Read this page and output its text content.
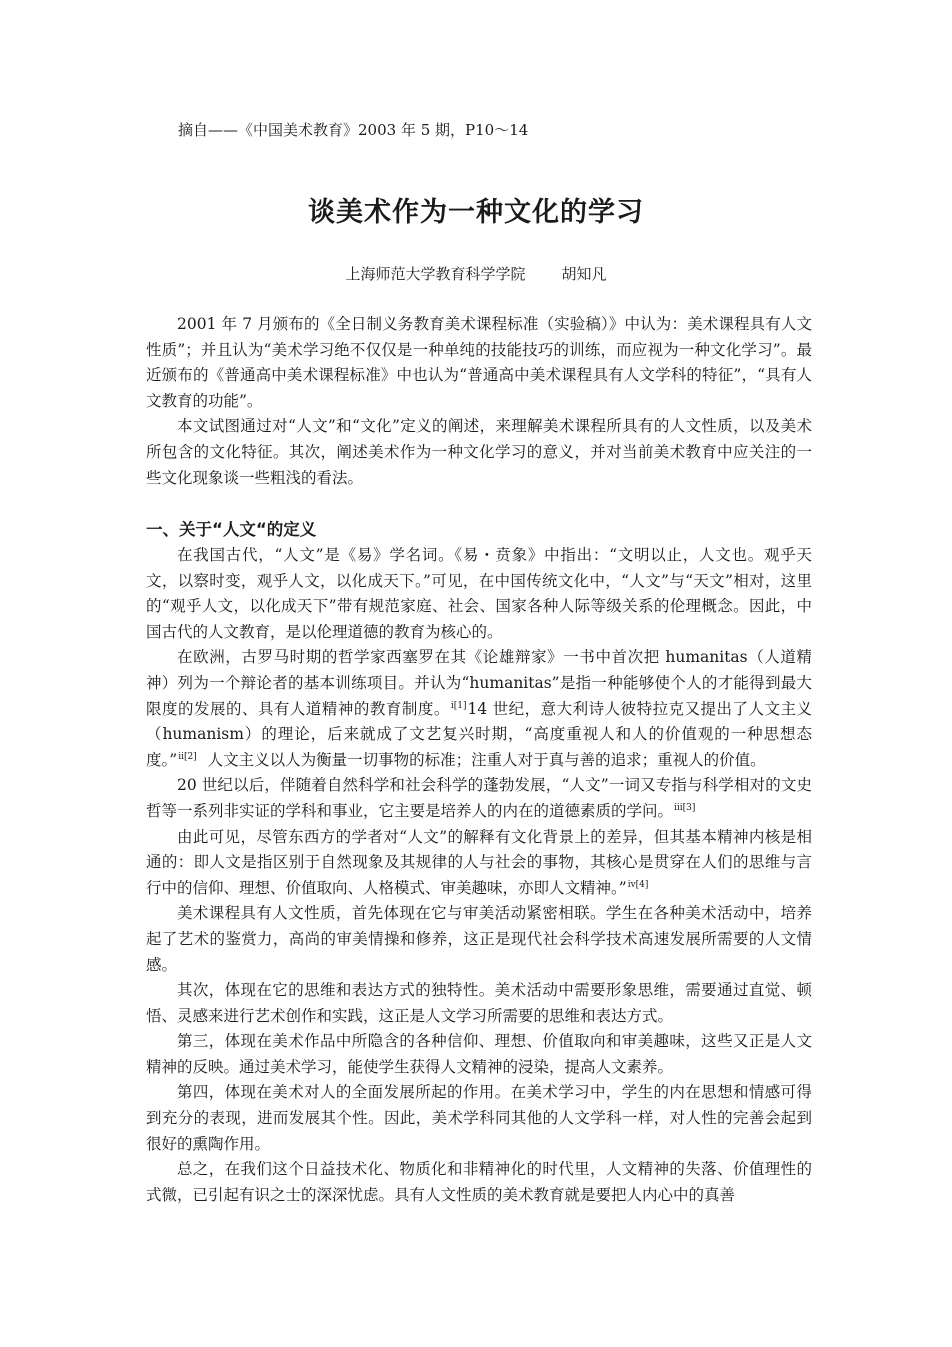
摘自——《中国美术教育》2003 年 5 期，P10～14
谈美术作为一种文化的学习
上海师范大学教育科学学院 胡知凡

2001 年 7 月颁布的《全日制义务教育美术课程标准（实验稿）》中认为：美术课程具有人文性质”；并且认为“美术学习绝不仅仅是一种单纯的技能技巧的训练，而应视为一种文化学习”。最近颁布的《普通高中美术课程标准》中也认为“普通高中美术课程具有人文学科的特征”，“具有人文教育的功能”。

本文试图通过对“人文”和“文化”定义的阐述，来理解美术课程所具有的人文性质，以及美术所包含的文化特征。其次，阐述美术作为一种文化学习的意义，并对当前美术教育中应关注的一些文化现象谈一些粗浅的看法。

一、关于“人文“的定义

在我国古代，“人文”是《易》学名词。《易・贲象》中指出：“文明以止，人文也。观乎天文，以察时变，观乎人文，以化成天下。”可见，在中国传统文化中，“人文”与“天文”相对，这里的“观乎人文，以化成天下”带有规范家庭、社会、国家各种人际等级关系的伦理概念。因此，中国古代的人文教育，是以伦理道德的教育为核心的。

在欧洲，古罗马时期的哲学家西塞罗在其《论雄辩家》一书中首次把 humanitas（人道精神）列为一个辩论者的基本训练项目。并认为“humanitas”是指一种能够使个人的才能得到最大限度的发展的、具有人道精神的教育制度。$^{i[1]}$14 世纪，意大利诗人彼特拉克又提出了人文主义（humanism）的理论，后来就成了文艺复兴时期，“高度重视人和人的价值观的一种思想态度。”$^{ii[2]}$ 人文主义以人为衡量一切事物的标准；注重人对于真与善的追求；重视人的价值。

20 世纪以后，伴随着自然科学和社会科学的蓬勃发展，“人文”一词又专指与科学相对的文史哲等一系列非实证的学科和事业，它主要是培养人的内在的道德素质的学问。$^{iii[3]}$

由此可见，尽管东西方的学者对“人文”的解释有文化背景上的差异，但其基本精神内核是相通的：即人文是指区别于自然现象及其规律的人与社会的事物，其核心是贯穿在人们的思维与言行中的信仰、理想、价值取向、人格模式、审美趣味，亦即人文精神。”$^{iv[4]}$

美术课程具有人文性质，首先体现在它与审美活动紧密相联。学生在各种美术活动中，培养起了艺术的鉴赏力，高尚的审美情操和修养，这正是现代社会科学技术高速发展所需要的人文情感。

其次，体现在它的思维和表达方式的独特性。美术活动中需要形象思维，需要通过直觉、顿悟、灵感来进行艺术创作和实践，这正是人文学习所需要的思维和表达方式。

第三，体现在美术作品中所隐含的各种信仰、理想、价值取向和审美趣味，这些又正是人文精神的反映。通过美术学习，能使学生获得人文精神的浸染，提高人文素养。

第四，体现在美术对人的全面发展所起的作用。在美术学习中，学生的内在思想和情感可得到充分的表现，进而发展其个性。因此，美术学科同其他的人文学科一样，对人性的完善会起到很好的熏陶作用。

总之，在我们这个日益技术化、物质化和非精神化的时代里，人文精神的失落、价值理性的式微，已引起有识之士的深深忧虑。具有人文性质的美术教育就是要把人内心中的真善
